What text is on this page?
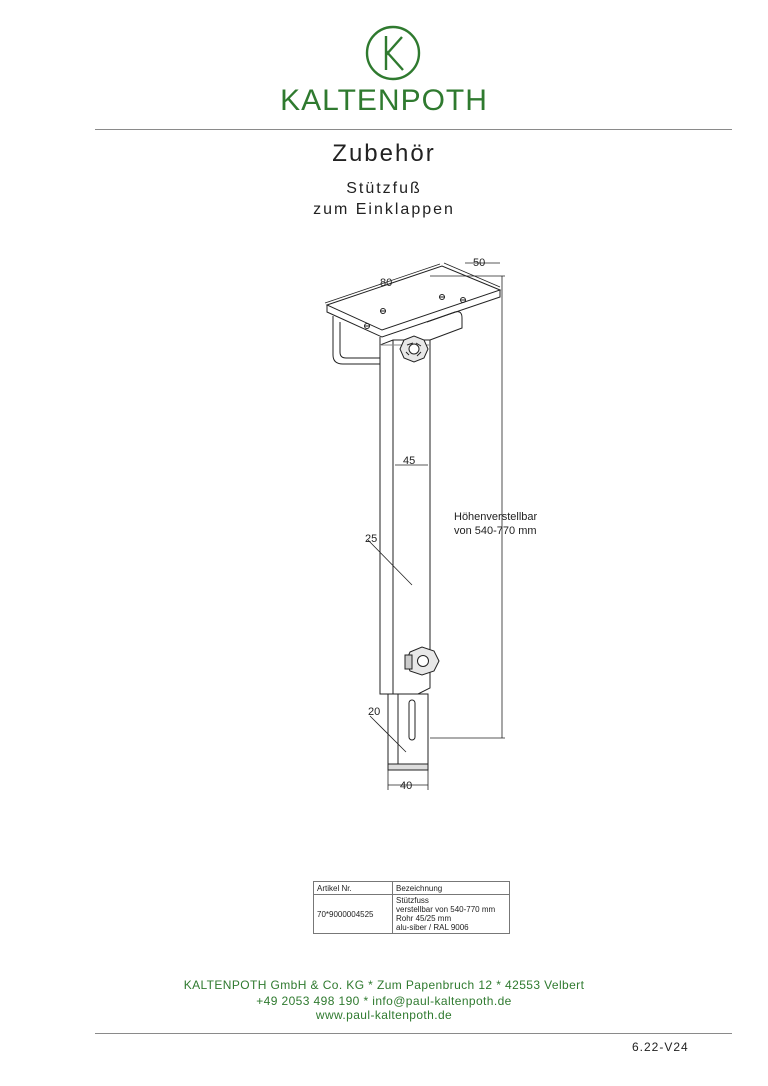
KALTENPOTH
Zubehör
Stützfuß
zum Einklappen
80
50
45
25
20
40
Höhenverstellbar
von 540-770 mm
Artikel Nr.	Bezeichnung
70*9000004525	Stützfuss
verstellbar von 540-770 mm
Rohr 45/25 mm
alu-siber / RAL 9006
KALTENPOTH GmbH & Co. KG * Zum Papenbruch 12 * 42553 Velbert
+49 2053 498 190 * info@paul-kaltenpoth.de
www.paul-kaltenpoth.de
6.22-V24
